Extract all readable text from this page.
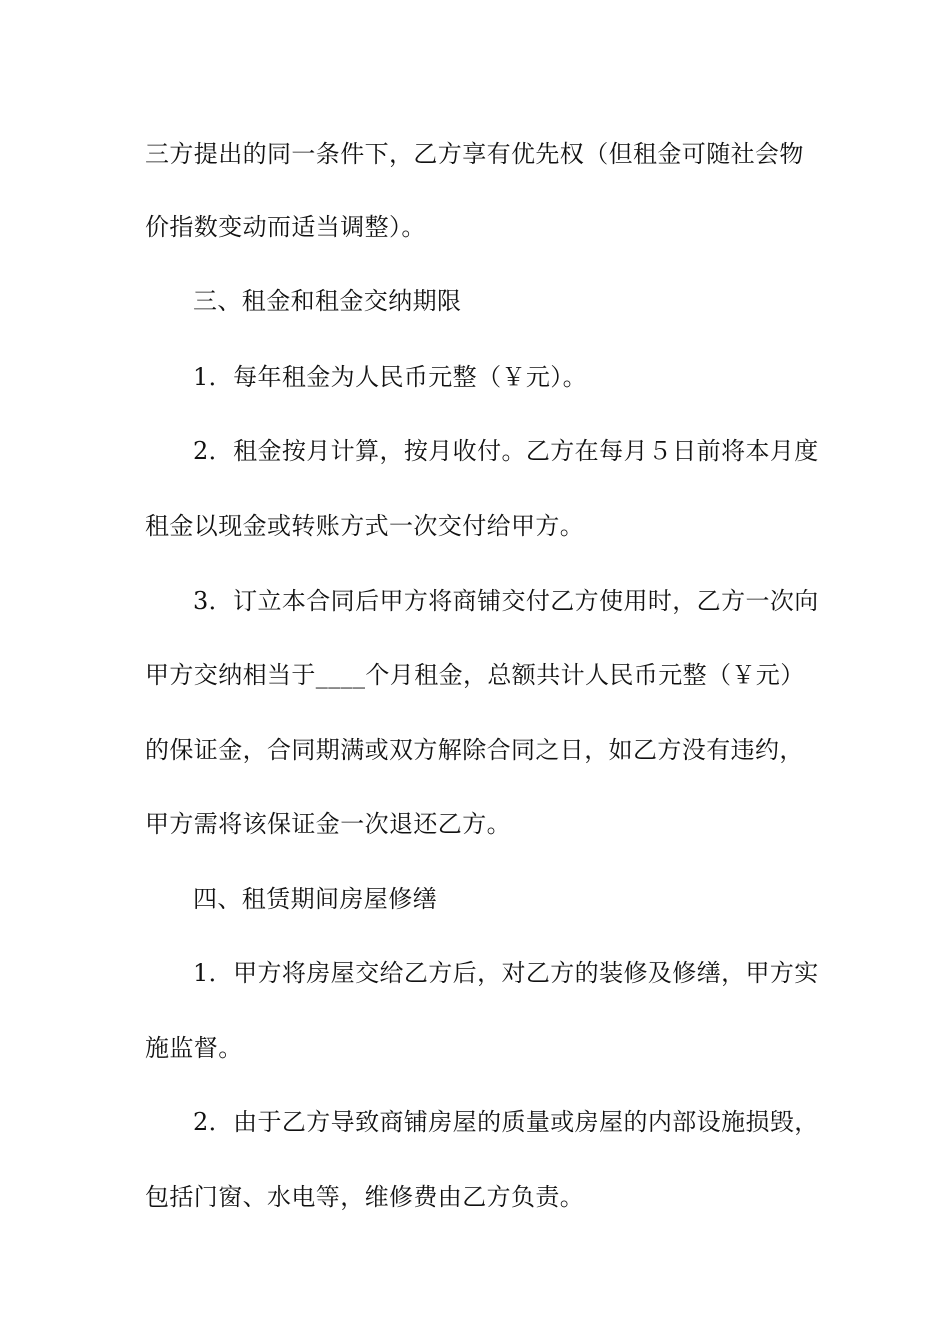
三方提出的同一条件下，乙方享有优先权（但租金可随社会物
价指数变动而适当调整）。
三、租金和租金交纳期限
1．每年租金为人民币元整（￥元）。
2．租金按月计算，按月收付。乙方在每月５日前将本月度
租金以现金或转账方式一次交付给甲方。
3．订立本合同后甲方将商铺交付乙方使用时，乙方一次向
甲方交纳相当于____个月租金，总额共计人民币元整（￥元）
的保证金，合同期满或双方解除合同之日，如乙方没有违约，
甲方需将该保证金一次退还乙方。
四、租赁期间房屋修缮
1．甲方将房屋交给乙方后，对乙方的装修及修缮，甲方实
施监督。
2．由于乙方导致商铺房屋的质量或房屋的内部设施损毁，
包括门窗、水电等，维修费由乙方负责。
